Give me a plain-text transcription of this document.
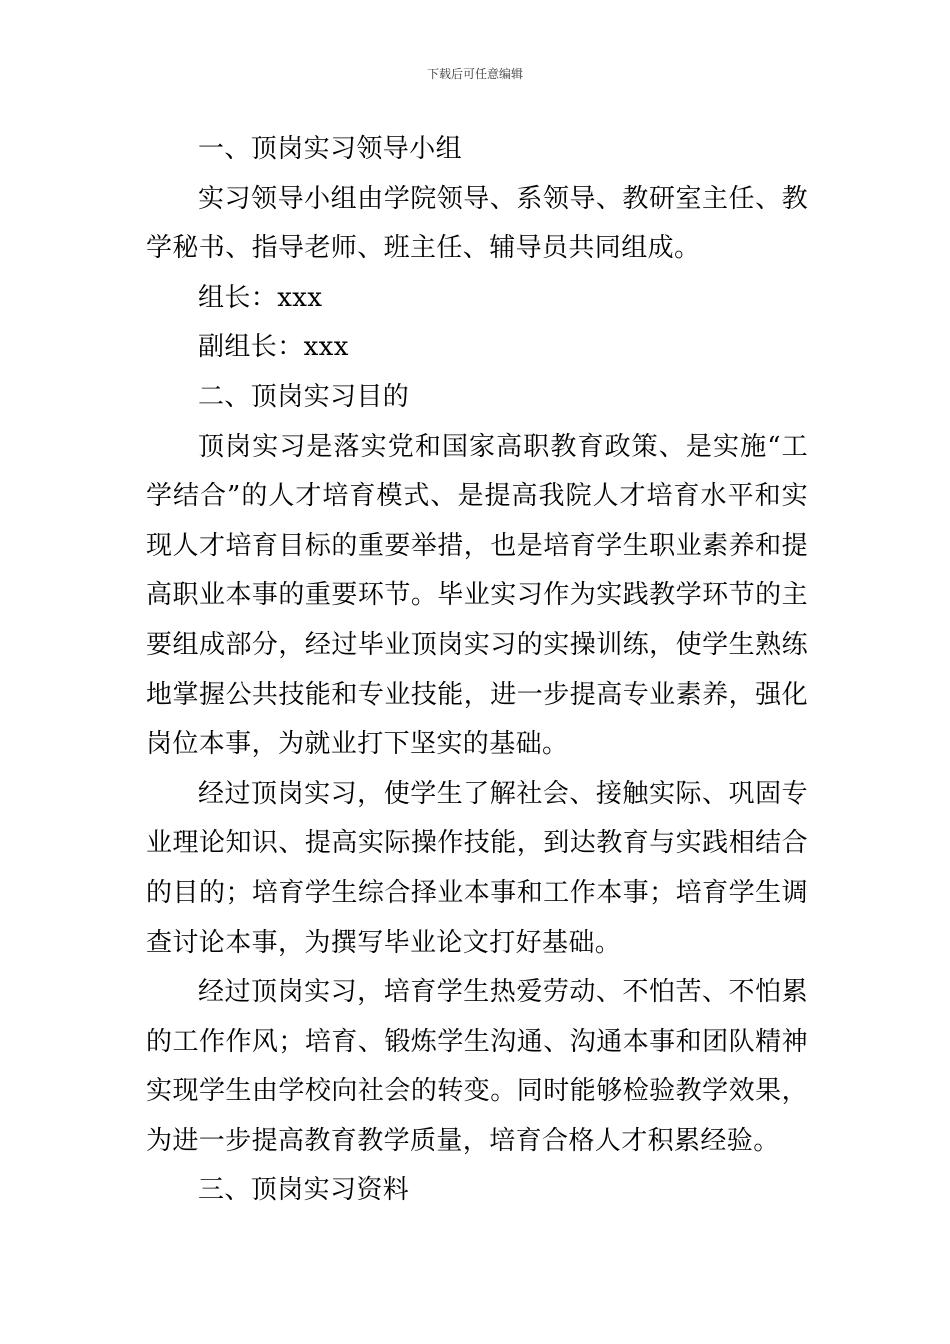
下载后可任意编辑

一、顶岗实习领导小组

实习领导小组由学院领导、系领导、教研室主任、教学秘书、指导老师、班主任、辅导员共同组成。

组长：xxx

副组长：xxx

二、顶岗实习目的

顶岗实习是落实党和国家高职教育政策、是实施“工学结合”的人才培育模式、是提高我院人才培育水平和实现人才培育目标的重要举措，也是培育学生职业素养和提高职业本事的重要环节。毕业实习作为实践教学环节的主要组成部分，经过毕业顶岗实习的实操训练，使学生熟练地掌握公共技能和专业技能，进一步提高专业素养，强化岗位本事，为就业打下坚实的基础。

经过顶岗实习，使学生了解社会、接触实际、巩固专业理论知识、提高实际操作技能，到达教育与实践相结合的目的；培育学生综合择业本事和工作本事；培育学生调查讨论本事，为撰写毕业论文打好基础。

经过顶岗实习，培育学生热爱劳动、不怕苦、不怕累的工作作风；培育、锻炼学生沟通、沟通本事和团队精神实现学生由学校向社会的转变。同时能够检验教学效果，为进一步提高教育教学质量，培育合格人才积累经验。

三、顶岗实习资料
